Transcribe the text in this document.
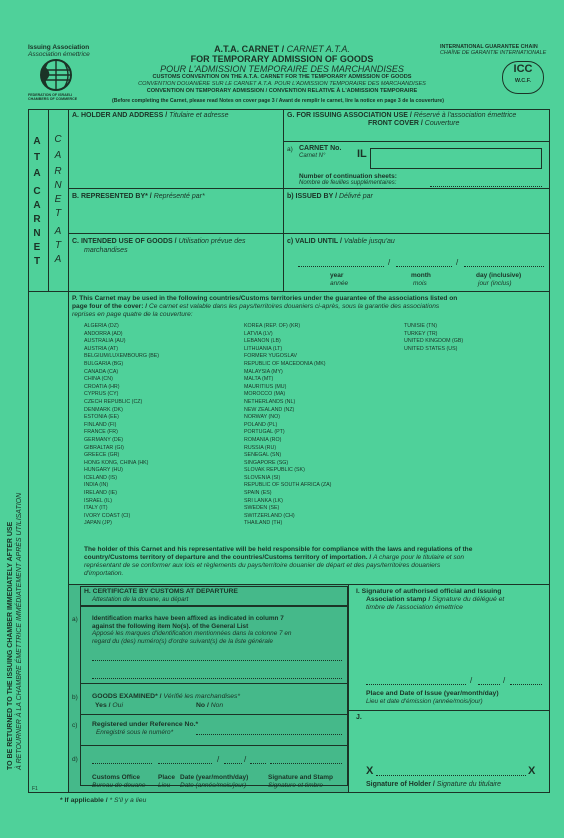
Issuing Association
Association émettrice
FEDERATION OF ISRAELI
CHAMBERS OF COMMERCE
A.T.A. CARNET / CARNET A.T.A.
FOR TEMPORARY ADMISSION OF GOODS
POUR L'ADMISSION TEMPORAIRE DES MARCHANDISES
CUSTOMS CONVENTION ON THE A.T.A. CARNET FOR THE TEMPORARY ADMISSION OF GOODS
CONVENTION DOUANIÈRE SUR LE CARNET A.T.A. POUR L'ADMISSION TEMPORAIRE DES MARCHANDISES
CONVENTION ON TEMPORARY ADMISSION / CONVENTION RELATIVE À L'ADMISSION TEMPORAIRE
(Before completing the Carnet, please read Notes on cover page 3 / Avant de remplir le carnet, lire la notice en page 3 de la couverture)
INTERNATIONAL GUARANTEE CHAIN
CHAÎNE DE GARANTIE INTERNATIONALE
ICC
W.C.F.
A
T
A
C
A
R
N
E
T
C
A
R
N
E
T
A
T
A
TO BE RETURNED TO THE ISSUING CHAMBER IMMEDIATELY AFTER USE À RETOURNER À LA CHAMBRE ÉMETTRICE IMMÉDIATEMENT APRÈS UTILISATION
F1
A. HOLDER AND ADDRESS / Titulaire et adresse
B. REPRESENTED BY* / Représenté par*
C. INTENDED USE OF GOODS / Utilisation prévue des
marchandises
G. FOR ISSUING ASSOCIATION USE / Réservé à l'association émettrice
FRONT COVER / Couverture
a) CARNET No.
Carnet N°	IL
Number of continuation sheets:
Nombre de feuilles supplémentaires:
b) ISSUED BY / Délivré par
c) VALID UNTIL / Valable jusqu'au
/	/
year
année
month
mois
day (inclusive)
jour (inclus)
P. This Carnet may be used in the following countries/Customs territories under the guarantee of the associations listed on
page four of the cover: / Ce carnet est valable dans les pays/territoires douaniers ci-après, sous la garantie des associations
reprises en page quatre de la couverture:
ALGERIA (DZ)
ANDORRA (AD)
AUSTRALIA (AU)
AUSTRIA (AT)
BELGIUM/LUXEMBOURG (BE)
BULGARIA (BG)
CANADA (CA)
CHINA (CN)
CROATIA (HR)
CYPRUS (CY)
CZECH REPUBLIC (CZ)
DENMARK (DK)
ESTONIA (EE)
FINLAND (FI)
FRANCE (FR)
GERMANY (DE)
GIBRALTAR (GI)
GREECE (GR)
HONG KONG, CHINA (HK)
HUNGARY (HU)
ICELAND (IS)
INDIA (IN)
IRELAND (IE)
ISRAEL (IL)
ITALY (IT)
IVORY COAST (CI)
JAPAN (JP)
KOREA (REP. OF) (KR)
LATVIA (LV)
LEBANON (LB)
LITHUANIA (LT)
FORMER YUGOSLAV
REPUBLIC OF MACEDONIA (MK)
MALAYSIA (MY)
MALTA (MT)
MAURITIUS (MU)
MOROCCO (MA)
NETHERLANDS (NL)
NEW ZEALAND (NZ)
NORWAY (NO)
POLAND (PL)
PORTUGAL (PT)
ROMANIA (RO)
RUSSIA (RU)
SENEGAL (SN)
SINGAPORE (SG)
SLOVAK REPUBLIC (SK)
SLOVENIA (SI)
REPUBLIC OF SOUTH AFRICA (ZA)
SPAIN (ES)
SRI LANKA (LK)
SWEDEN (SE)
SWITZERLAND (CH)
THAILAND (TH)
TUNISIE (TN)
TURKEY (TR)
UNITED KINGDOM (GB)
UNITED STATES (US)
The holder of this Carnet and his representative will be held responsible for compliance with the laws and regulations of the
country/Customs territory of departure and the countries/Customs territory of importation. / A charge pour le titulaire et son
représentant de se conformer aux lois et règlements du pays/territoire douanier de départ et des pays/territoires douaniers
d'importation.
H. CERTIFICATE BY CUSTOMS AT DEPARTURE
Attestation de la douane, au départ
a) Identification marks have been affixed as indicated in column 7
against the following item No(s). of the General List
Apposé les marques d'identification mentionnées dans la colonne 7 en
regard du (des) numéro(s) d'ordre suivant(s) de la liste générale
b) GOODS EXAMINED* / Vérifié les marchandises*
Yes / Oui	No / Non
c) Registered under Reference No.*
Enregistré sous le numéro*
d)	/	/
Customs Office
Bureau de douane
Place
Lieu
Date (year/month/day)
Date (année/mois/jour)
Signature and Stamp
Signature et timbre
I. Signature of authorised official and Issuing
Association stamp / Signature du délégué et
timbre de l'association émettrice
/	/
Place and Date of Issue (year/month/day)
Lieu et date d'émission (année/mois/jour)
J.
X	X
Signature of Holder / Signature du titulaire
* If applicable / * S'il y a lieu
